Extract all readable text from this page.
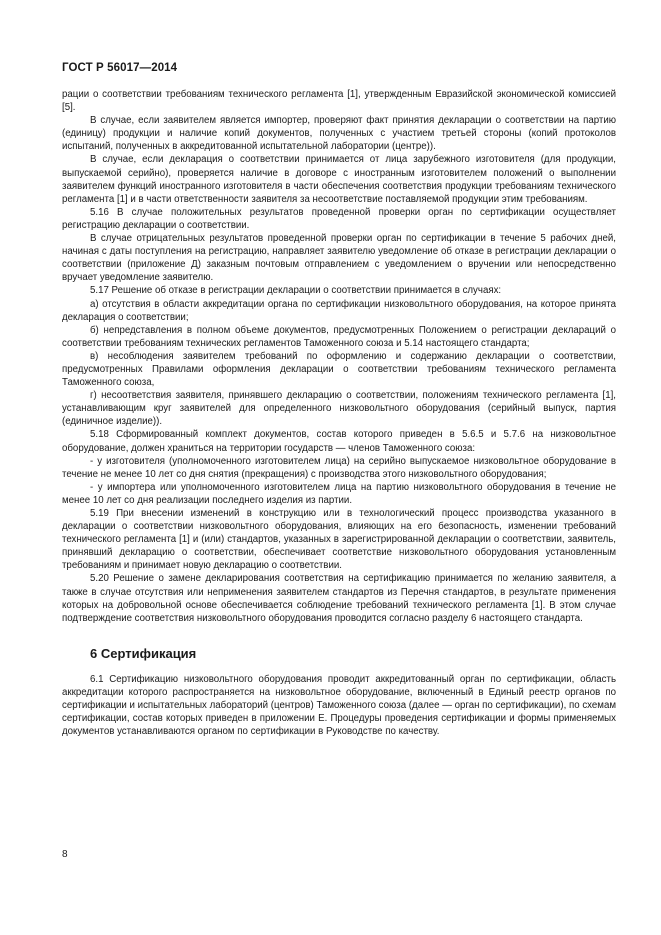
ГОСТ Р 56017—2014

рации о соответствии требованиям технического регламента [1], утвержденным Евразийской экономической комиссией [5].

В случае, если заявителем является импортер, проверяют факт принятия декларации о соответствии на партию (единицу) продукции и наличие копий документов, полученных с участием третьей стороны (копий протоколов испытаний, полученных в аккредитованной испытательной лаборатории (центре)).

В случае, если декларация о соответствии принимается от лица зарубежного изготовителя (для продукции, выпускаемой серийно), проверяется наличие в договоре с иностранным изготовителем положений о выполнении заявителем функций иностранного изготовителя в части обеспечения соответствия продукции требованиям технического регламента [1] и в части ответственности заявителя за несоответствие поставляемой продукции этим требованиям.

5.16 В случае положительных результатов проведенной проверки орган по сертификации осуществляет регистрацию декларации о соответствии.

В случае отрицательных результатов проведенной проверки орган по сертификации в течение 5 рабочих дней, начиная с даты поступления на регистрацию, направляет заявителю уведомление об отказе в регистрации декларации о соответствии (приложение Д) заказным почтовым отправлением с уведомлением о вручении или непосредственно вручает уведомление заявителю.

5.17 Решение об отказе в регистрации декларации о соответствии принимается в случаях:

а) отсутствия в области аккредитации органа по сертификации низковольтного оборудования, на которое принята декларация о соответствии;

б) непредставления в полном объеме документов, предусмотренных Положением о регистрации деклараций о соответствии требованиям технических регламентов Таможенного союза и 5.14 настоящего стандарта;

в) несоблюдения заявителем требований по оформлению и содержанию декларации о соответствии, предусмотренных Правилами оформления декларации о соответствии требованиям технического регламента Таможенного союза,

г) несоответствия заявителя, принявшего декларацию о соответствии, положениям технического регламента [1], устанавливающим круг заявителей для определенного низковольтного оборудования (серийный выпуск, партия (единичное изделие)).

5.18 Сформированный комплект документов, состав которого приведен в 5.6.5 и 5.7.6 на низковольтное оборудование, должен храниться на территории государств — членов Таможенного союза:

- у изготовителя (уполномоченного изготовителем лица) на серийно выпускаемое низковольтное оборудование в течение не менее 10 лет со дня снятия (прекращения) с производства этого низковольтного оборудования;

- у импортера или уполномоченного изготовителем лица на партию низковольтного оборудования в течение не менее 10 лет со дня реализации последнего изделия из партии.

5.19 При внесении изменений в конструкцию или в технологический процесс производства указанного в декларации о соответствии низковольтного оборудования, влияющих на его безопасность, изменении требований технического регламента [1] и (или) стандартов, указанных в зарегистрированной декларации о соответствии, заявитель, принявший декларацию о соответствии, обеспечивает соответствие низковольтного оборудования установленным требованиям и принимает новую декларацию о соответствии.

5.20 Решение о замене декларирования соответствия на сертификацию принимается по желанию заявителя, а также в случае отсутствия или неприменения заявителем стандартов из Перечня стандартов, в результате применения которых на добровольной основе обеспечивается соблюдение требований технического регламента [1]. В этом случае подтверждение соответствия низковольтного оборудования проводится согласно разделу 6 настоящего стандарта.

6 Сертификация

6.1 Сертификацию низковольтного оборудования проводит аккредитованный орган по сертификации, область аккредитации которого распространяется на низковольтное оборудование, включенный в Единый реестр органов по сертификации и испытательных лабораторий (центров) Таможенного союза (далее — орган по сертификации), по схемам сертификации, состав которых приведен в приложении Е. Процедуры проведения сертификации и формы применяемых документов устанавливаются органом по сертификации в Руководстве по качеству.

8
